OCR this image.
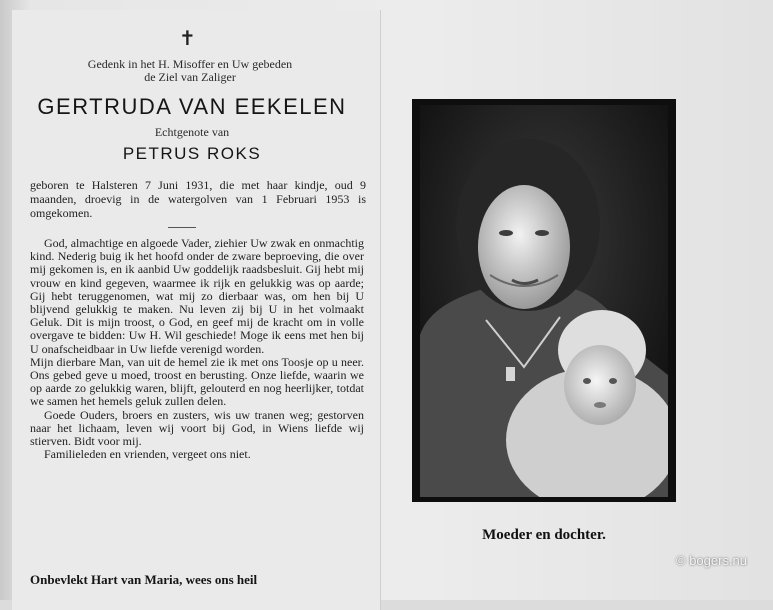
✝
Gedenk in het H. Misoffer en Uw gebeden
de Ziel van Zaliger
GERTRUDA VAN EEKELEN
Echtgenote van
PETRUS ROKS
geboren te Halsteren 7 Juni 1931, die met haar kindje, oud 9 maanden, droevig in de watergolven van 1 Februari 1953 is omgekomen.

God, almachtige en algoede Vader, ziehier Uw zwak en onmachtig kind. Nederig buig ik het hoofd onder de zware beproeving, die over mij gekomen is, en ik aanbid Uw goddelijk raadsbesluit. Gij hebt mij vrouw en kind gegeven, waarmee ik rijk en gelukkig was op aarde; Gij hebt teruggenomen, wat mij zo dierbaar was, om hen bij U blijvend gelukkig te maken. Nu leven zij bij U in het volmaakt Geluk. Dit is mijn troost, o God, en geef mij de kracht om in volle overgave te bidden: Uw H. Wil geschiede! Moge ik eens met hen bij U onafscheidbaar in Uw liefde verenigd worden.

Mijn dierbare Man, van uit de hemel zie ik met ons Toosje op u neer. Ons gebed geve u moed, troost en berusting. Onze liefde, waarin we op aarde zo gelukkig waren, blijft, gelouterd en nog heerlijker, totdat we samen het hemels geluk zullen delen.

Goede Ouders, broers en zusters, wis uw tranen weg; gestorven naar het lichaam, leven wij voort bij God, in Wiens liefde wij stierven. Bidt voor mij.

Familieleden en vrienden, vergeet ons niet.

Onbevlekt Hart van Maria, wees ons heil
Moeder en dochter.
© bogers.nu
